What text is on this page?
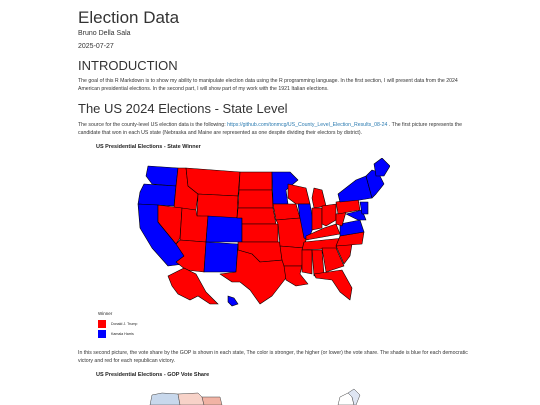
Election Data
Bruno Della Sala
2025-07-27
INTRODUCTION
The goal of this R Markdown is to show my ability to manipulate election data using the R programming language. In the first section, I will present data from the 2024 American presidential elections. In the second part, I will show part of my work with the 1921 Italian elections.
The US 2024 Elections - State Level
The source for the county-level US election data is the following: https://github.com/tonmcg/US_County_Level_Election_Results_08-24 . The first picture represents the candidate that won in each US state (Nebraska and Maine are represented as one despite dividing their electors by district).
US Presidential Elections - State Winner
Winner
Donald J. Trump
Kamala Harris
In this second picture, the vote share by the GOP is shown in each state, The color is stronger, the higher (or lower) the vote share. The shade is blue for each democratic victory and red for each republican victory.
US Presidential Elections - GOP Vote Share
